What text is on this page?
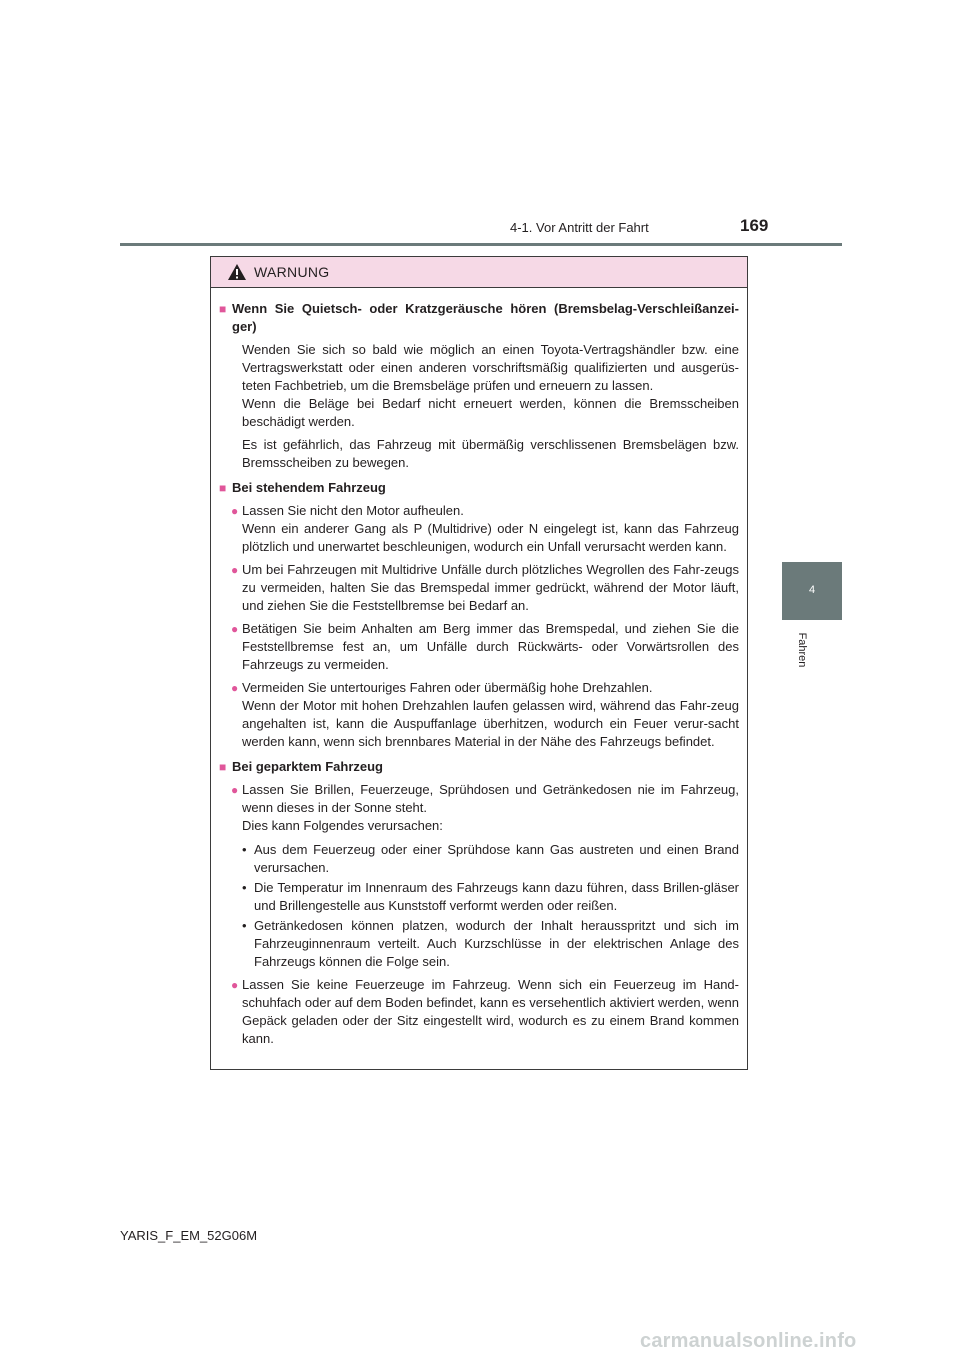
4-1. Vor Antritt der Fahrt	169
4
Fahren
WARNUNG
■ Wenn Sie Quietsch- oder Kratzgeräusche hören (Bremsbelag-Verschleißanzei-ger)
Wenden Sie sich so bald wie möglich an einen Toyota-Vertragshändler bzw. eine Vertragswerkstatt oder einen anderen vorschriftsmäßig qualifizierten und ausgerüs-teten Fachbetrieb, um die Bremsbeläge prüfen und erneuern zu lassen.
Wenn die Beläge bei Bedarf nicht erneuert werden, können die Bremsscheiben beschädigt werden.
Es ist gefährlich, das Fahrzeug mit übermäßig verschlissenen Bremsbelägen bzw. Bremsscheiben zu bewegen.
■ Bei stehendem Fahrzeug
● Lassen Sie nicht den Motor aufheulen.
Wenn ein anderer Gang als P (Multidrive) oder N eingelegt ist, kann das Fahrzeug plötzlich und unerwartet beschleunigen, wodurch ein Unfall verursacht werden kann.
● Um bei Fahrzeugen mit Multidrive Unfälle durch plötzliches Wegrollen des Fahr-zeugs zu vermeiden, halten Sie das Bremspedal immer gedrückt, während der Motor läuft, und ziehen Sie die Feststellbremse bei Bedarf an.
● Betätigen Sie beim Anhalten am Berg immer das Bremspedal, und ziehen Sie die Feststellbremse fest an, um Unfälle durch Rückwärts- oder Vorwärtsrollen des Fahrzeugs zu vermeiden.
● Vermeiden Sie untertouriges Fahren oder übermäßig hohe Drehzahlen.
Wenn der Motor mit hohen Drehzahlen laufen gelassen wird, während das Fahr-zeug angehalten ist, kann die Auspuffanlage überhitzen, wodurch ein Feuer verur-sacht werden kann, wenn sich brennbares Material in der Nähe des Fahrzeugs befindet.
■ Bei geparktem Fahrzeug
● Lassen Sie Brillen, Feuerzeuge, Sprühdosen und Getränkedosen nie im Fahrzeug, wenn dieses in der Sonne steht.
Dies kann Folgendes verursachen:
• Aus dem Feuerzeug oder einer Sprühdose kann Gas austreten und einen Brand verursachen.
• Die Temperatur im Innenraum des Fahrzeugs kann dazu führen, dass Brillen-gläser und Brillengestelle aus Kunststoff verformt werden oder reißen.
• Getränkedosen können platzen, wodurch der Inhalt herausspritzt und sich im Fahrzeuginnenraum verteilt. Auch Kurzschlüsse in der elektrischen Anlage des Fahrzeugs können die Folge sein.
● Lassen Sie keine Feuerzeuge im Fahrzeug. Wenn sich ein Feuerzeug im Hand-schuhfach oder auf dem Boden befindet, kann es versehentlich aktiviert werden, wenn Gepäck geladen oder der Sitz eingestellt wird, wodurch es zu einem Brand kommen kann.
YARIS_F_EM_52G06M
carmanualsonline.info
